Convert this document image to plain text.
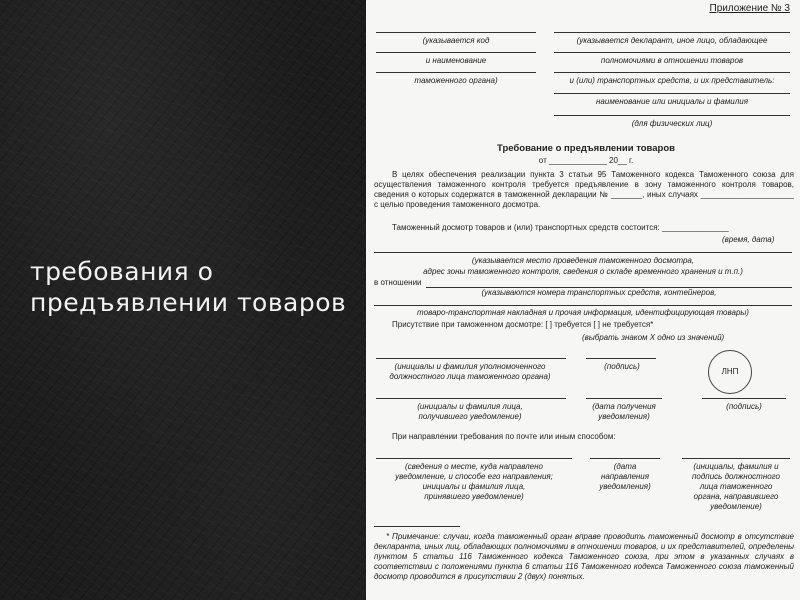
требования о предъявлении товаров
Приложение № 3
(указывается код
и наименование
таможенного органа)
(указывается декларант, иное лицо, обладающее
полномочиями в отношении товаров
и (или) транспортных средств, и их представитель:
наименование или инициалы и фамилия
(для физических лиц)
Требование о предъявлении товаров
от _____________ 20__ г.
В целях обеспечения реализации пункта 3 статьи 95 Таможенного кодекса Таможенного союза для осуществления таможенного контроля требуется предъявление в зону таможенного контроля товаров, сведения о которых содержатся в таможенной декларации № _______, иных случаях _____________________ с целью проведения таможенного досмотра.
Таможенный досмотр товаров и (или) транспортных средств состоится: _______________
(время, дата)
(указывается место проведения таможенного досмотра,
адрес зоны таможенного контроля, сведения о складе временного хранения и т.п.)
в отношении
(указываются номера транспортных средств, контейнеров,
товаро-транспортная накладная и прочая информация, идентифицирующая товары)
Присутствие при таможенном досмотре: [ ] требуется [ ] не требуется*
(выбрать знаком X одно из значений)
(инициалы и фамилия уполномоченного
должностного лица таможенного органа)
(подпись)
ЛНП
(инициалы и фамилия лица,
получившего уведомление)
(дата получения
уведомления)
(подпись)
При направлении требования по почте или иным способом:
(сведения о месте, куда направлено
уведомление, и способе его направления;
инициалы и фамилия лица,
принявшего уведомление)
(дата
направления
уведомления)
(инициалы, фамилия и
подпись должностного
лица таможенного
органа, направившего
уведомление)
* Примечание: случаи, когда таможенный орган вправе проводить таможенный досмотр в отсутствие декларанта, иных лиц, обладающих полномочиями в отношении товаров, и их представителей, определены пунктом 5 статьи 116 Таможенного кодекса Таможенного союза, при этом в указанных случаях в соответствии с положениями пункта 6 статьи 116 Таможенного кодекса Таможенного союза таможенный досмотр проводится в присутствии 2 (двух) понятых.
